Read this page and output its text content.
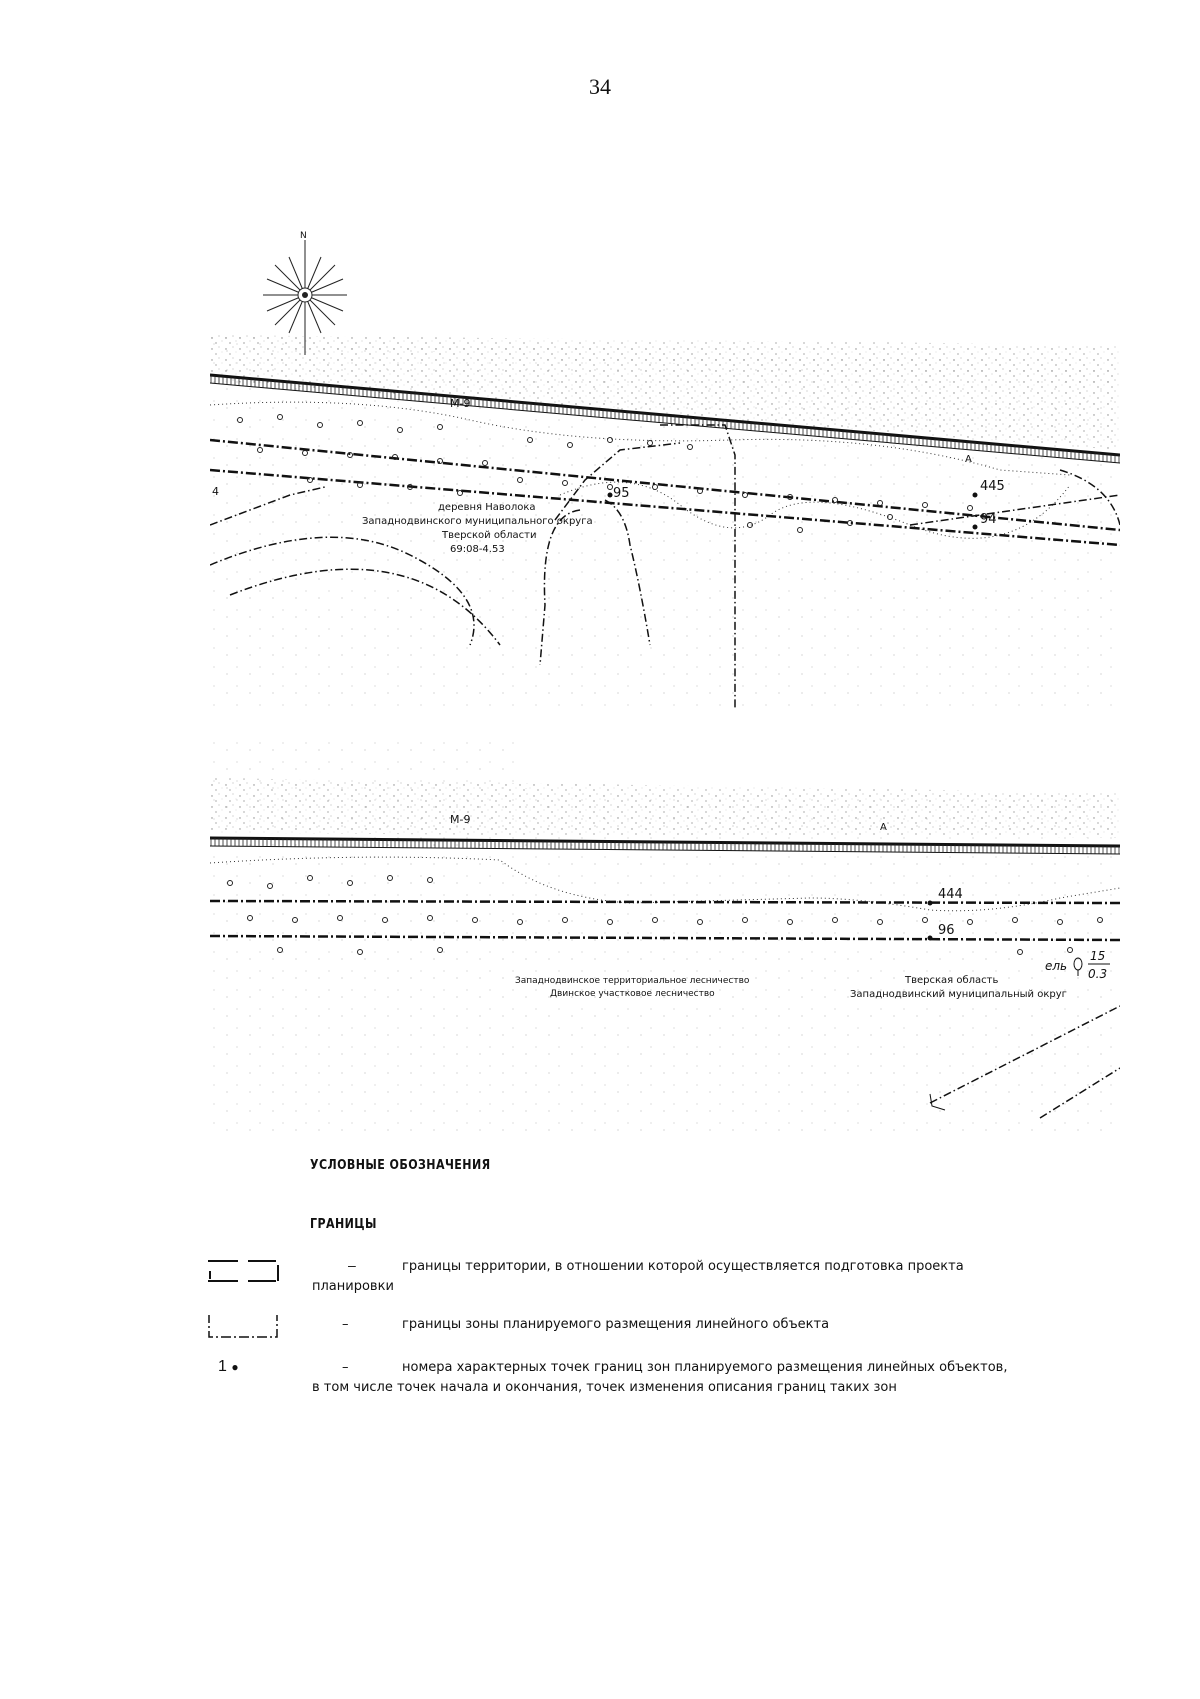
34
N
М-9
A
95	445
94
4
деревня Наволока
Западнодвинского муниципального округа
Тверской области
69:08-4.53
М-9
A
444
96
ель
15
0.3
Западнодвинское территориальное лесничество
Двинское участковое лесничество
Тверская область
Западнодвинский муниципальный округ
УСЛОВНЫЕ ОБОЗНАЧЕНИЯ
ГРАНИЦЫ
–	границы территории, в отношении которой осуществляется подготовка проекта планировки
–	границы зоны планируемого размещения линейного объекта
1 ●	–	номера характерных точек границ зон планируемого размещения линейных объектов, в том числе точек начала и окончания, точек изменения описания границ таких зон
